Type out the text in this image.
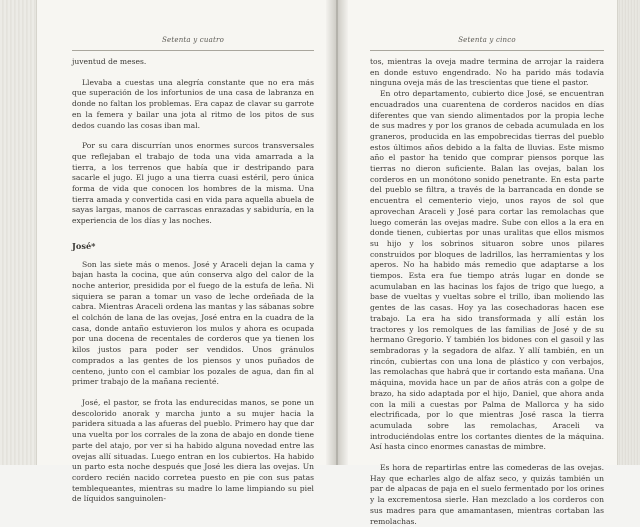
Setenta y cuatro

juventud de meses.

Llevaba a cuestas una alegría constante que no era más que superación de los infortunios de una casa de labranza en donde no faltan los problemas. Era capaz de clavar su garrote en la femera y bailar una jota al ritmo de los pitos de sus dedos cuando las cosas iban mal.

Por su cara discurrían unos enormes surcos transversales que reflejaban el trabajo de toda una vida amarrada a la tierra, a los terrenos que había que ir destripando para sacarle el jugo. El jugo a una tierra cuasi estéril, pero única forma de vida que conocen los hombres de la misma. Una tierra amada y convertida casi en vida para aquella abuela de sayas largas, manos de carrascas enrazadas y sabiduría, en la experiencia de los días y las noches.

José*

Son las siete más o menos. José y Araceli dejan la cama y bajan hasta la cocina, que aún conserva algo del calor de la noche anterior, presidida por el fuego de la estufa de leña. Ni siquiera se paran a tomar un vaso de leche ordeñada de la cabra. Mientras Araceli ordena las mantas y las sábanas sobre el colchón de lana de las ovejas, José entra en la cuadra de la casa, donde antaño estuvieron los mulos y ahora es ocupada por una docena de recentales de corderos que ya tienen los kilos justos para poder ser vendidos. Unos gránulos comprados a las gentes de los piensos y unos puñados de centeno, junto con el cambiar los pozales de agua, dan fin al primer trabajo de la mañana recienté.

José, el pastor, se frota las endurecidas manos, se pone un descolorido anorak y marcha junto a su mujer hacia la paridera situada a las afueras del pueblo. Primero hay que dar una vuelta por los corrales de la zona de abajo en donde tiene parte del atajo, por ver si ha habido alguna novedad entre las ovejas allí situadas. Luego entran en los cubiertos. Ha habido un parto esta noche después que José les diera las ovejas. Un cordero recién nacido corretea puesto en pie con sus patas temblequeantes, mientras su madre lo lame limpiando su piel de líquidos sanguinolen-

Setenta y cinco

tos, mientras la oveja madre termina de arrojar la raidera en donde estuvo engendrado. No ha parido más todavía ninguna oveja más de las trescientas que tiene el pastor.

En otro departamento, cubierto dice José, se encuentran encuadrados una cuarentena de corderos nacidos en días diferentes que van siendo alimentados por la propia leche de sus madres y por los granos de cebada acumulada en los graneros, producida en las empobrecidas tierras del pueblo estos últimos años debido a la falta de lluvias. Este mismo año el pastor ha tenido que comprar piensos porque las tierras no dieron suficiente. Balan las ovejas, balan los corderos en un monótono sonido penetrante. En esta parte del pueblo se filtra, a través de la barrancada en donde se encuentra el cementerio viejo, unos rayos de sol que aprovechan Araceli y José para cortar las remolachas que luego comerán las ovejas madre. Sube con ellos a la era en donde tienen, cubiertas por unas uralitas que ellos mismos su hijo y los sobrinos situaron sobre unos pilares construidos por bloques de ladrillos, las herramientas y los aperos. No ha habido más remedio que adaptarse a los tiempos. Esta era fue tiempo atrás lugar en donde se acumulaban en las hacinas los fajos de trigo que luego, a base de vueltas y vueltas sobre el trillo, iban moliendo las gentes de las casas. Hoy ya las cosechadoras hacen ese trabajo. La era ha sido transformada y allí están los tractores y los remolques de las familias de José y de su hermano Gregorio. Y también los bidones con el gasoil y las sembradoras y la segadora de alfaz. Y allí también, en un rincón, cubiertas con una lona de plástico y con verbajos, las remolachas que habrá que ir cortando esta mañana. Una máquina, movida hace un par de años atrás con a golpe de brazo, ha sido adaptada por el hijo, Daniel, que ahora anda con la mili a cuestas por Palma de Mallorca y ha sido electrificada, por lo que mientras José rasca la tierra acumulada sobre las remolachas, Araceli va introduciéndolas entre los cortantes dientes de la máquina. Así hasta cinco enormes canastas de mimbre.

Es hora de repartirlas entre las comederas de las ovejas. Hay que echarles algo de alfaz seco, y quizás también un par de alpacas de paja en el suelo fermentado por los orines y la excrementosa sierle. Han mezclado a los corderos con sus madres para que amamantasen, mientras cortaban las remolachas.
